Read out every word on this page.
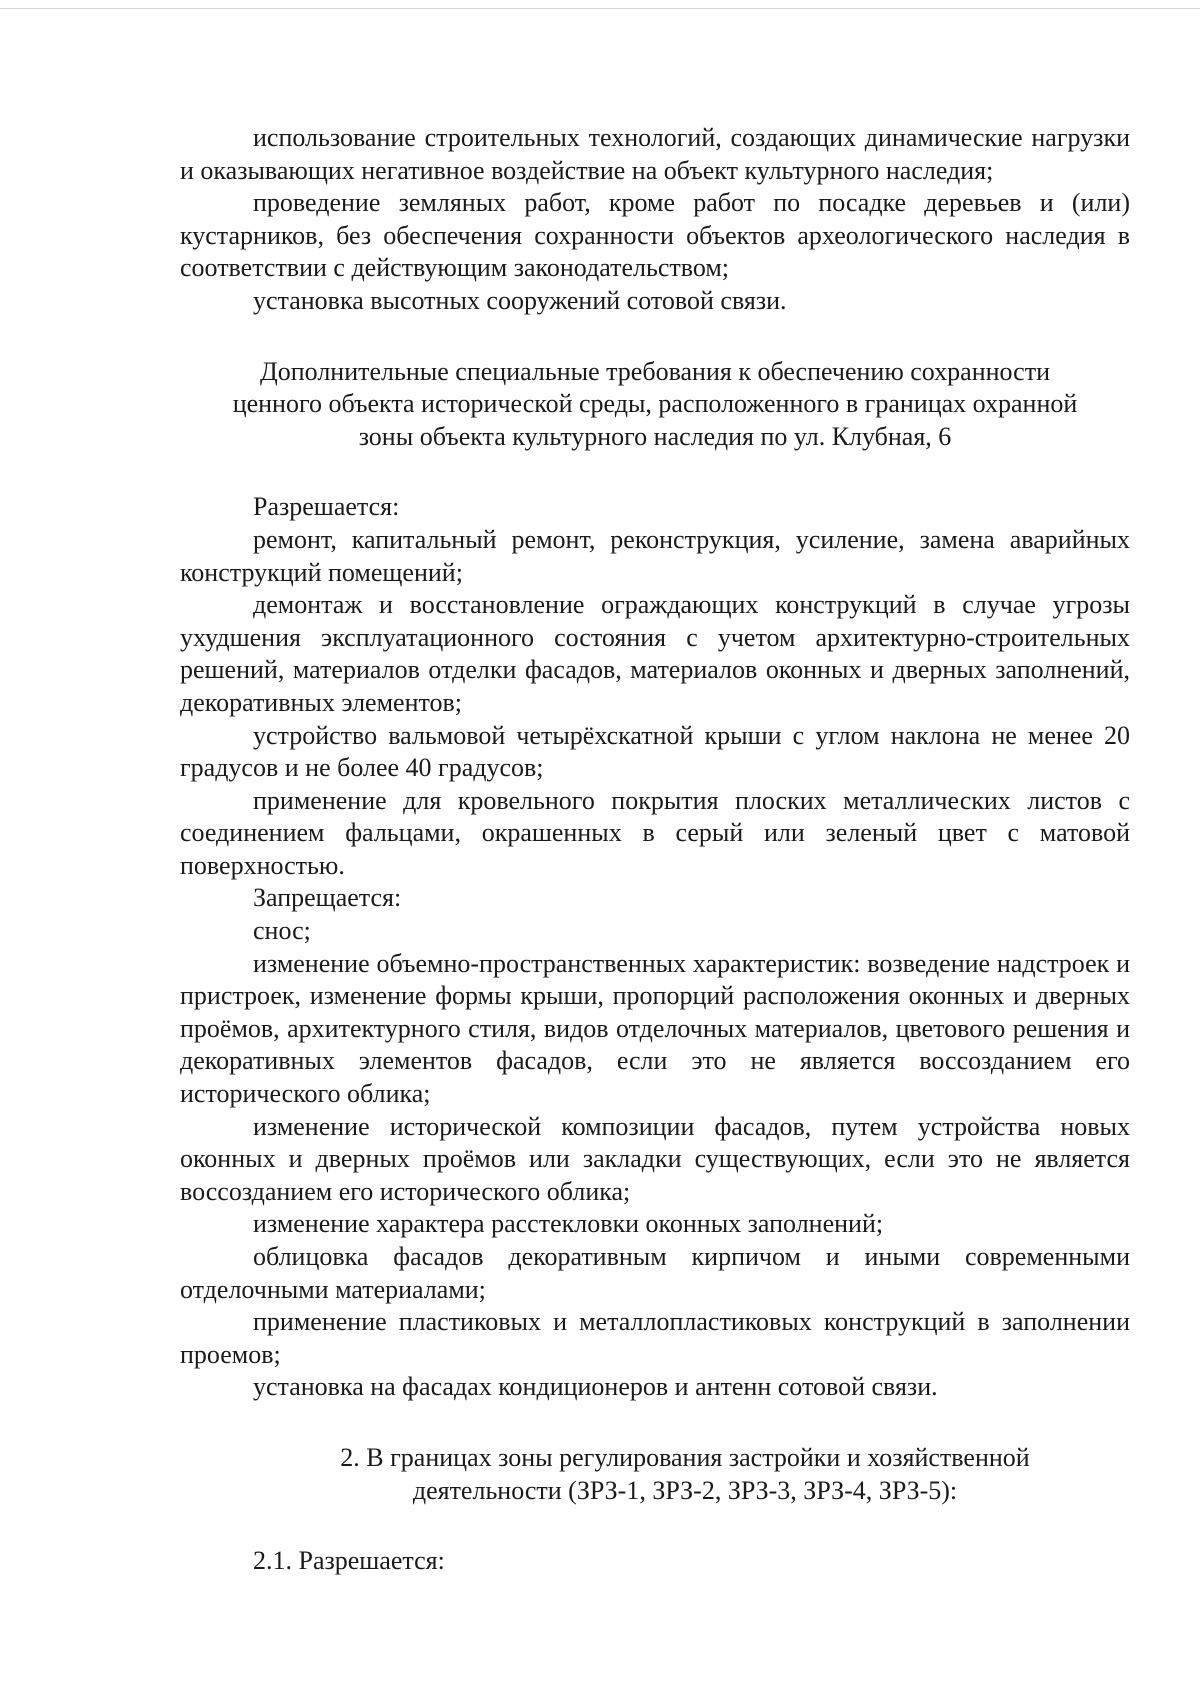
использование строительных технологий, создающих динамические нагрузки и оказывающих негативное воздействие на объект культурного наследия;

проведение земляных работ, кроме работ по посадке деревьев и (или) кустарников, без обеспечения сохранности объектов археологического наследия в соответствии с действующим законодательством;

установка высотных сооружений сотовой связи.

Дополнительные специальные требования к обеспечению сохранности

ценного объекта исторической среды, расположенного в границах охранной

зоны объекта культурного наследия по ул. Клубная, 6

Разрешается:

ремонт, капитальный ремонт, реконструкция, усиление, замена аварийных конструкций помещений;

демонтаж и восстановление ограждающих конструкций в случае угрозы ухудшения эксплуатационного состояния с учетом архитектурно-строительных решений, материалов отделки фасадов, материалов оконных и дверных заполнений, декоративных элементов;

устройство вальмовой четырёхскатной крыши с углом наклона не менее 20 градусов и не более 40 градусов;

применение для кровельного покрытия плоских металлических листов с соединением фальцами, окрашенных в серый или зеленый цвет с матовой поверхностью.

Запрещается:

снос;

изменение объемно-пространственных характеристик: возведение надстроек и пристроек, изменение формы крыши, пропорций расположения оконных и дверных проёмов, архитектурного стиля, видов отделочных материалов, цветового решения и декоративных элементов фасадов, если это не является воссозданием его исторического облика;

изменение исторической композиции фасадов, путем устройства новых оконных и дверных проёмов или закладки существующих, если это не является воссозданием его исторического облика;

изменение характера расстекловки оконных заполнений;

облицовка фасадов декоративным кирпичом и иными современными отделочными материалами;

применение пластиковых и металлопластиковых конструкций в заполнении проемов;

установка на фасадах кондиционеров и антенн сотовой связи.

2. В границах зоны регулирования застройки и хозяйственной

деятельности (ЗРЗ-1, ЗРЗ-2, ЗРЗ-3, ЗРЗ-4, ЗРЗ-5):

2.1. Разрешается:
